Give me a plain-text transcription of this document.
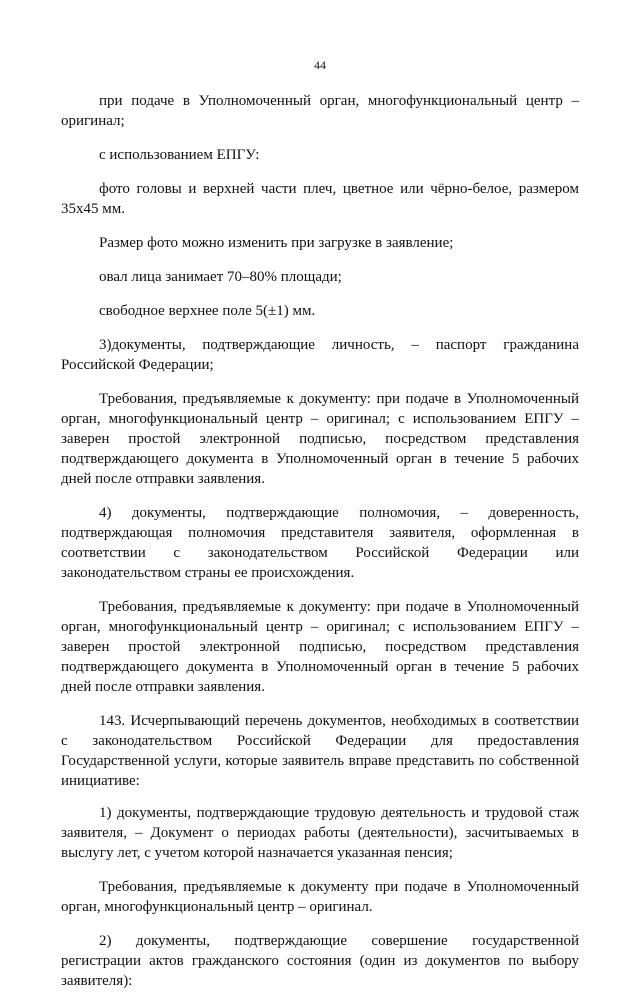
44

при подаче в Уполномоченный орган, многофункциональный центр – оригинал;

с использованием ЕПГУ:

фото головы и верхней части плеч, цветное или чёрно-белое, размером 35х45 мм.

Размер фото можно изменить при загрузке в заявление;

овал лица занимает 70–80% площади;

свободное верхнее поле 5(±1) мм.

3)документы, подтверждающие личность, – паспорт гражданина Российской Федерации;

Требования, предъявляемые к документу: при подаче в Уполномоченный орган, многофункциональный центр – оригинал; с использованием ЕПГУ – заверен простой электронной подписью, посредством представления подтверждающего документа в Уполномоченный орган в течение 5 рабочих дней после отправки заявления.

4) документы, подтверждающие полномочия, – доверенность, подтверждающая полномочия представителя заявителя, оформленная в соответствии с законодательством Российской Федерации или законодательством страны ее происхождения.

Требования, предъявляемые к документу: при подаче в Уполномоченный орган, многофункциональный центр – оригинал; с использованием ЕПГУ – заверен простой электронной подписью, посредством представления подтверждающего документа в Уполномоченный орган в течение 5 рабочих дней после отправки заявления.

143. Исчерпывающий перечень документов, необходимых в соответствии с законодательством Российской Федерации для предоставления Государственной услуги, которые заявитель вправе представить по собственной инициативе:

1) документы, подтверждающие трудовую деятельность и трудовой стаж заявителя, – Документ о периодах работы (деятельности), засчитываемых в выслугу лет, с учетом которой назначается указанная пенсия;

Требования, предъявляемые к документу при подаче в Уполномоченный орган, многофункциональный центр – оригинал.

2) документы, подтверждающие совершение государственной регистрации актов гражданского состояния (один из документов по выбору заявителя):
